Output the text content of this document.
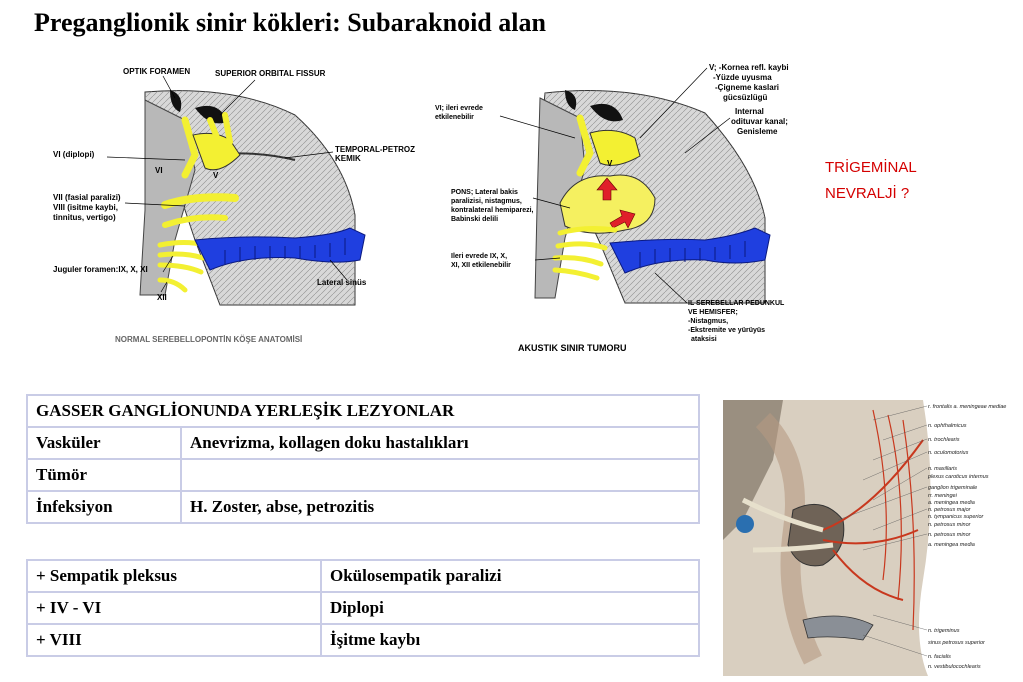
Preganglionik sinir kökleri: Subaraknoid alan
TRİGEMİNAL
NEVRALJİ ?
OPTIK FORAMEN	SUPERIOR ORBITAL FISSUR
TEMPORAL-PETROZ
KEMIK
VI (diplopi)
VI
V
VII (fasial paralizi)
VIII (isitme kaybi,
tinnitus, vertigo)
Juguler foramen:IX, X, XI
XII
Lateral sinüs
NORMAL SEREBELLOPONTİN KÖŞE ANATOMİSİ
V; -Kornea refl. kaybi
-Yüzde uyusma
-Çigneme kaslari
gücsüzlügü
Internal
odituvar kanal;
Genisleme
VI; ileri evrede
etkilenebilir
PONS; Lateral bakis
paralizisi, nistagmus,
kontralateral hemiparezi,
Babinski delili
Ileri evrede IX, X,
XI, XII etkilenebilir
IL SEREBELLAR PEDUNKUL
VE HEMISFER;
-Nistagmus,
-Ekstremite ve yürüyüs
ataksisi
V
AKUSTIK SINIR TUMORU
r. frontalis a. meningeae mediae
n. ophthalmicus
n. trochlearis
n. oculomotorius
n. maxillaris
plexus caroticus internus
ganglion trigeminale
rr. meningei
a. meningea media
n. petrosus major
n. tympanicus superior
n. petrosus minor
n. petrosus minor
a. meningea media
n. trigeminus
sinus petrosus superior
n. facialis
n. vestibulocochlearis
GASSER GANGLİONUNDA YERLEŞİK LEZYONLAR	
Vasküler	Anevrizma, kollagen doku hastalıkları
Tümör	
İnfeksiyon	H. Zoster, abse, petrozitis
+ Sempatik pleksus	Okülosempatik paralizi
+ IV - VI	Diplopi
+ VIII	İşitme kaybı
